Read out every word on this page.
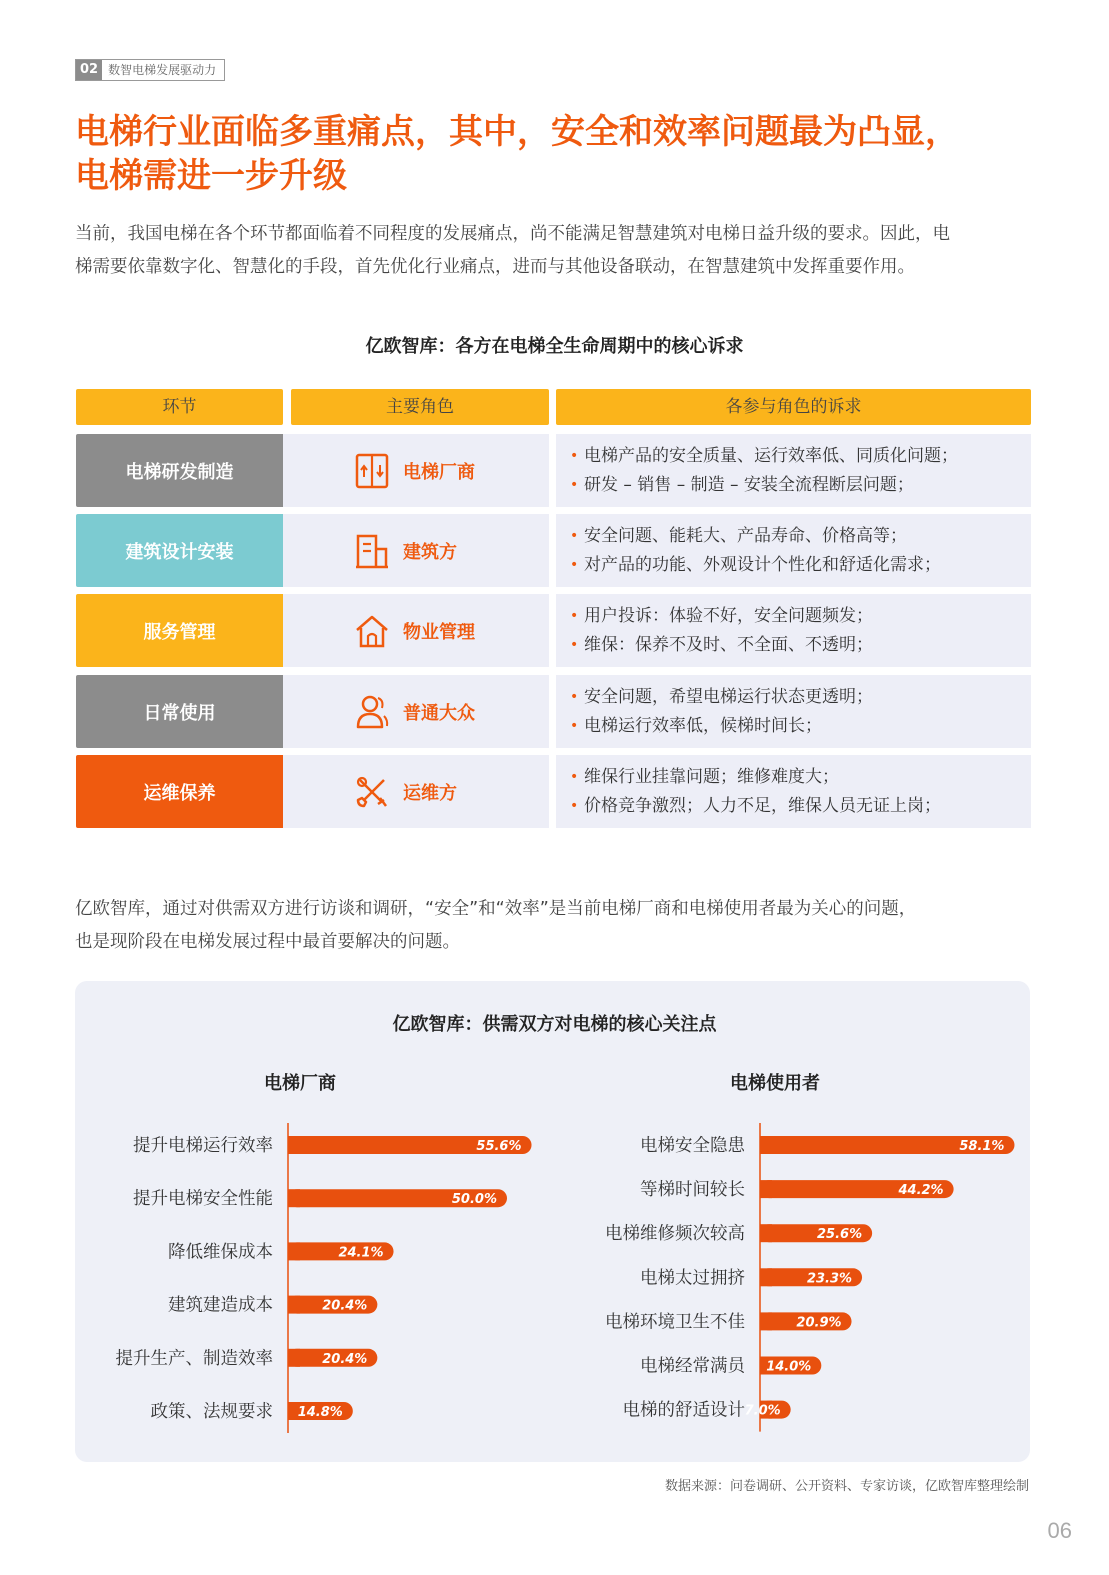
02 数智电梯发展驱动力
电梯行业面临多重痛点，其中，安全和效率问题最为凸显，
电梯需进一步升级
当前，我国电梯在各个环节都面临着不同程度的发展痛点，尚不能满足智慧建筑对电梯日益升级的要求。因此，电
梯需要依靠数字化、智慧化的手段，首先优化行业痛点，进而与其他设备联动，在智慧建筑中发挥重要作用。
亿欧智库：各方在电梯全生命周期中的核心诉求
环节	主要角色	各参与角色的诉求
电梯研发制造	电梯厂商
• 电梯产品的安全质量、运行效率低、同质化问题；
• 研发 – 销售 – 制造 – 安装全流程断层问题；
建筑设计安装	建筑方
• 安全问题、能耗大、产品寿命、价格高等；
• 对产品的功能、外观设计个性化和舒适化需求；
服务管理	物业管理
• 用户投诉：体验不好，安全问题频发；
• 维保：保养不及时、不全面、不透明；
日常使用	普通大众
• 安全问题，希望电梯运行状态更透明；
• 电梯运行效率低，候梯时间长；
运维保养	运维方
• 维保行业挂靠问题；维修难度大；
• 价格竞争激烈；人力不足，维保人员无证上岗；
亿欧智库，通过对供需双方进行访谈和调研，“安全”和“效率”是当前电梯厂商和电梯使用者最为关心的问题，
也是现阶段在电梯发展过程中最首要解决的问题。
亿欧智库：供需双方对电梯的核心关注点
电梯厂商	电梯使用者
提升电梯运行效率	55.6%
提升电梯安全性能	50.0%
降低维保成本	24.1%
建筑建造成本	20.4%
提升生产、制造效率	20.4%
政策、法规要求 14.8%
电梯安全隐患	58.1%
等梯时间较长	44.2%
电梯维修频次较高	25.6%
电梯太过拥挤	23.3%
电梯环境卫生不佳	20.9%
电梯经常满员 14.0%
电梯的舒适设计 7.0%
数据来源：问卷调研、公开资料、专家访谈，亿欧智库整理绘制
06
